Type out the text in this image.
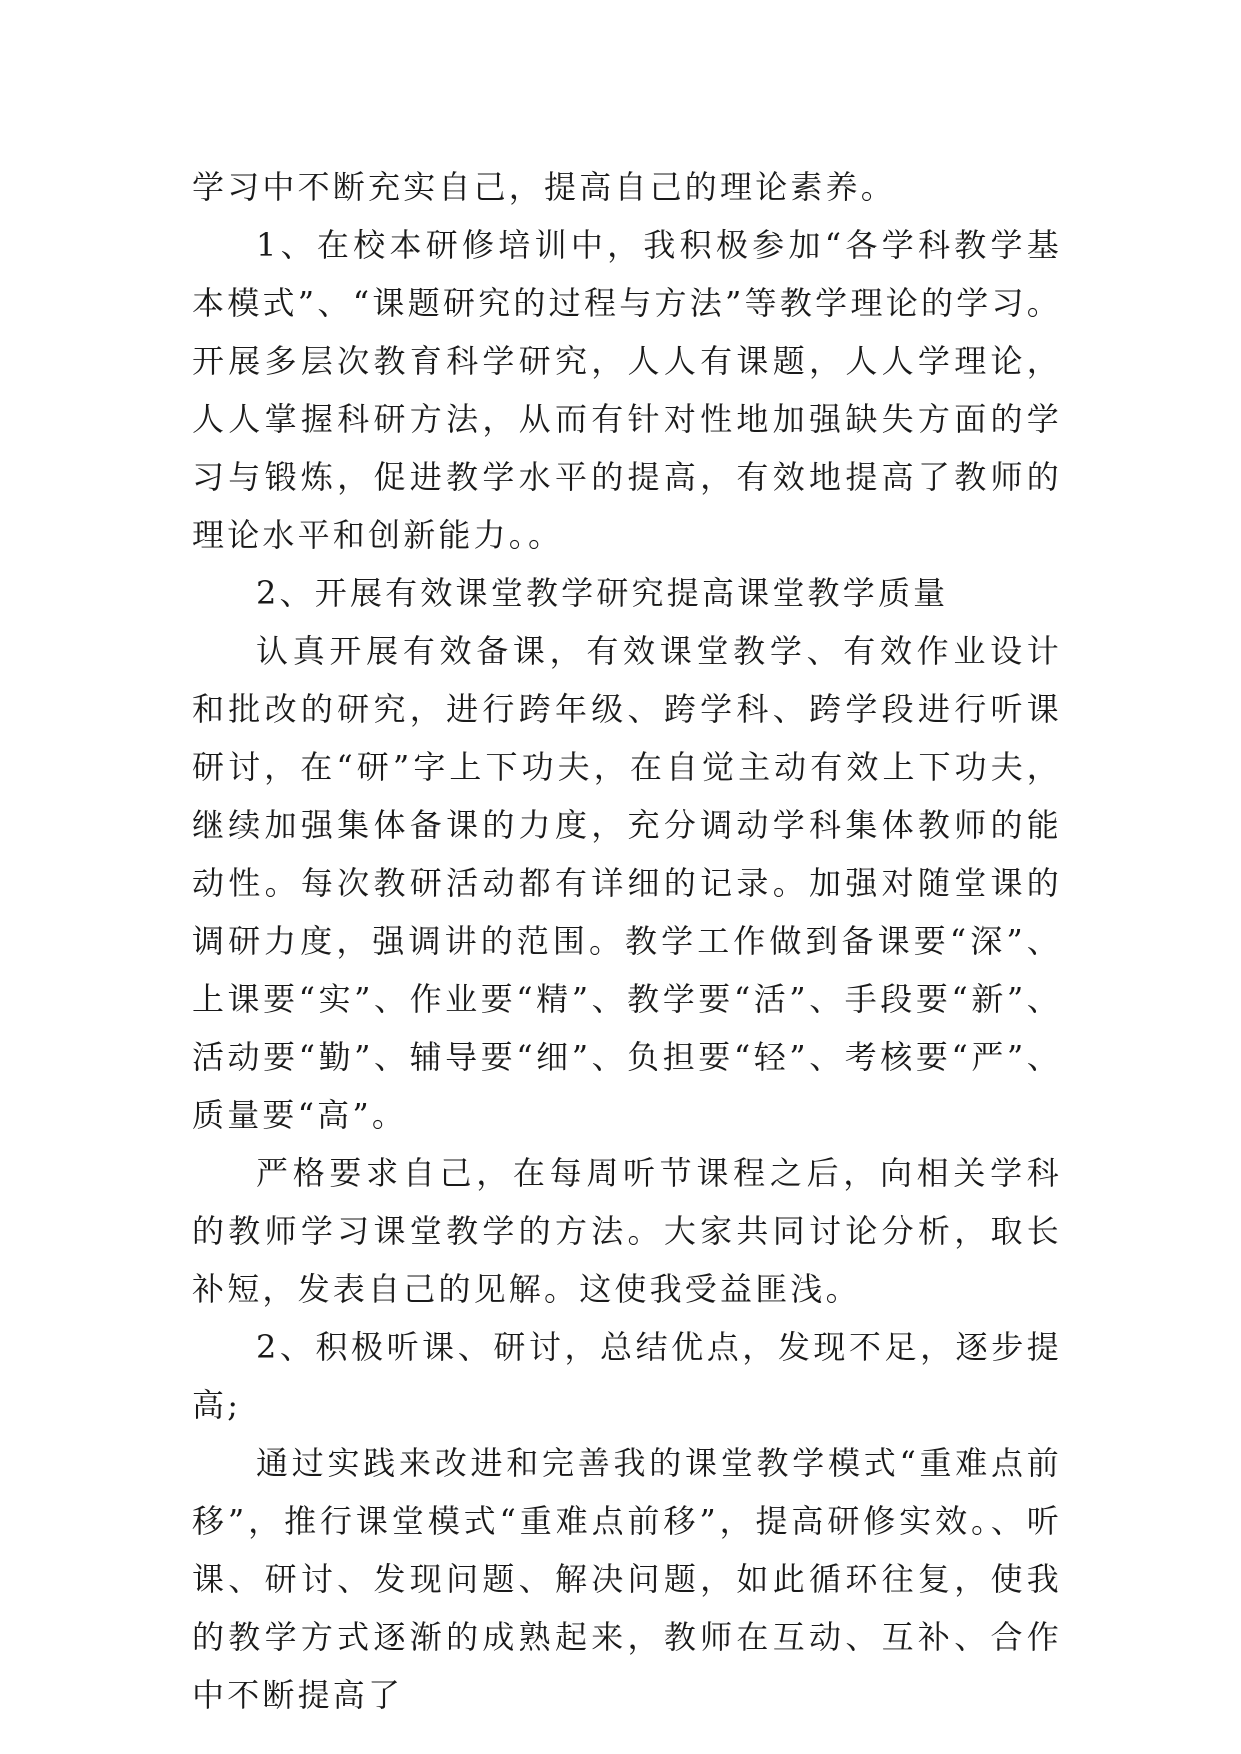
学习中不断充实自己，提高自己的理论素养。

1、在校本研修培训中，我积极参加“各学科教学基本模式”、“课题研究的过程与方法”等教学理论的学习。开展多层次教育科学研究，人人有课题，人人学理论，人人掌握科研方法，从而有针对性地加强缺失方面的学习与锻炼，促进教学水平的提高，有效地提高了教师的理论水平和创新能力。。

2、开展有效课堂教学研究提高课堂教学质量

认真开展有效备课，有效课堂教学、有效作业设计和批改的研究，进行跨年级、跨学科、跨学段进行听课研讨，在“研”字上下功夫，在自觉主动有效上下功夫，继续加强集体备课的力度，充分调动学科集体教师的能动性。每次教研活动都有详细的记录。加强对随堂课的调研力度，强调讲的范围。教学工作做到备课要“深”、上课要“实”、作业要“精”、教学要“活”、手段要“新”、活动要“勤”、辅导要“细”、负担要“轻”、考核要“严”、质量要“高”。

严格要求自己，在每周听节课程之后，向相关学科的教师学习课堂教学的方法。大家共同讨论分析，取长补短，发表自己的见解。这使我受益匪浅。

2、积极听课、研讨，总结优点，发现不足，逐步提高;

通过实践来改进和完善我的课堂教学模式“重难点前移”，推行课堂模式“重难点前移”，提高研修实效。、听课、研讨、发现问题、解决问题，如此循环往复，使我的教学方式逐渐的成熟起来，教师在互动、互补、合作中不断提高了
